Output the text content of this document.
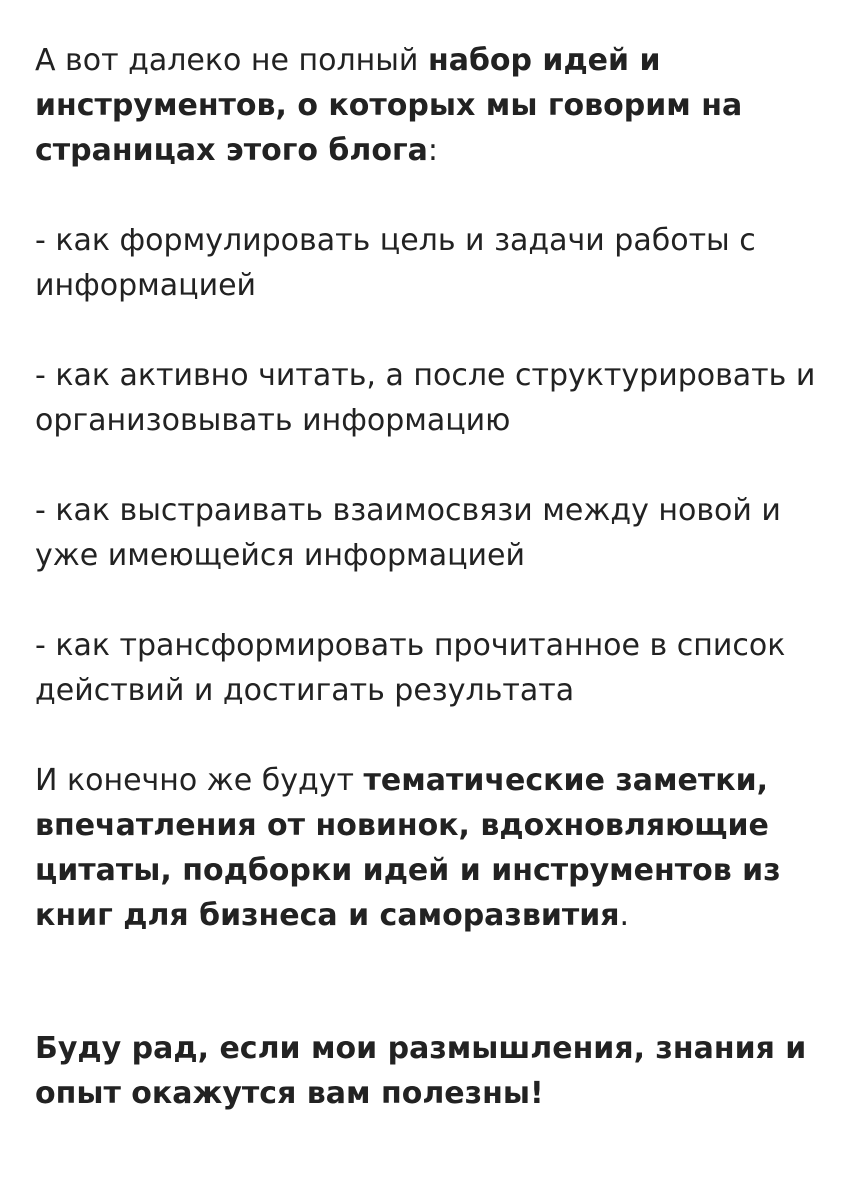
А вот далеко не полный набор идей и инструментов, о которых мы говорим на страницах этого блога:

- как формулировать цель и задачи работы с информацией

- как активно читать, а после структурировать и организовывать информацию

- как выстраивать взаимосвязи между новой и уже имеющейся информацией

- как трансформировать прочитанное в список действий и достигать результата

И конечно же будут тематические заметки, впечатления от новинок, вдохновляющие цитаты, подборки идей и инструментов из книг для бизнеса и саморазвития.

Буду рад, если мои размышления, знания и опыт окажутся вам полезны!
